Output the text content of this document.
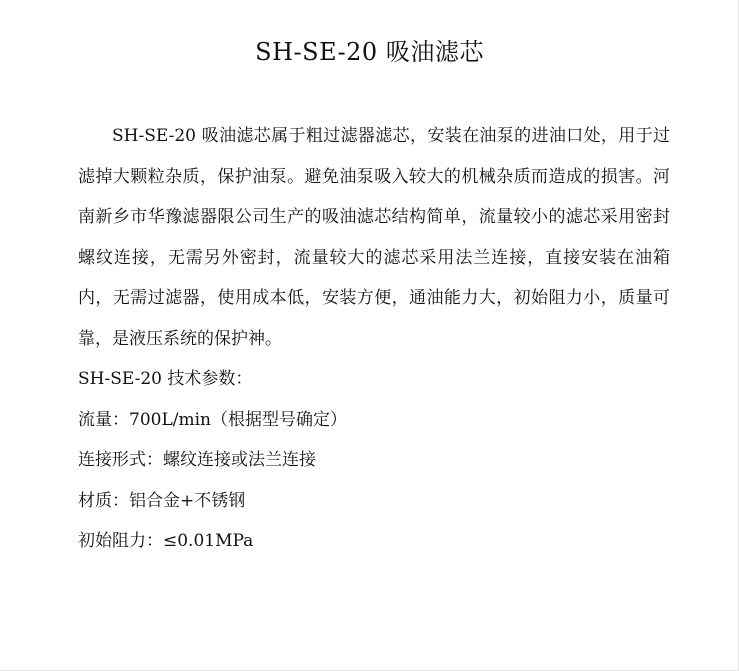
SH-SE-20 吸油滤芯

SH-SE-20 吸油滤芯属于粗过滤器滤芯，安装在油泵的进油口处，用于过滤掉大颗粒杂质，保护油泵。避免油泵吸入较大的机械杂质而造成的损害。河南新乡市华豫滤器限公司生产的吸油滤芯结构简单，流量较小的滤芯采用密封螺纹连接，无需另外密封，流量较大的滤芯采用法兰连接，直接安装在油箱内，无需过滤器，使用成本低，安装方便，通油能力大，初始阻力小，质量可靠，是液压系统的保护神。

SH-SE-20 技术参数：

流量：700L/min（根据型号确定）

连接形式：螺纹连接或法兰连接

材质：铝合金+不锈钢

初始阻力：≤0.01MPa
